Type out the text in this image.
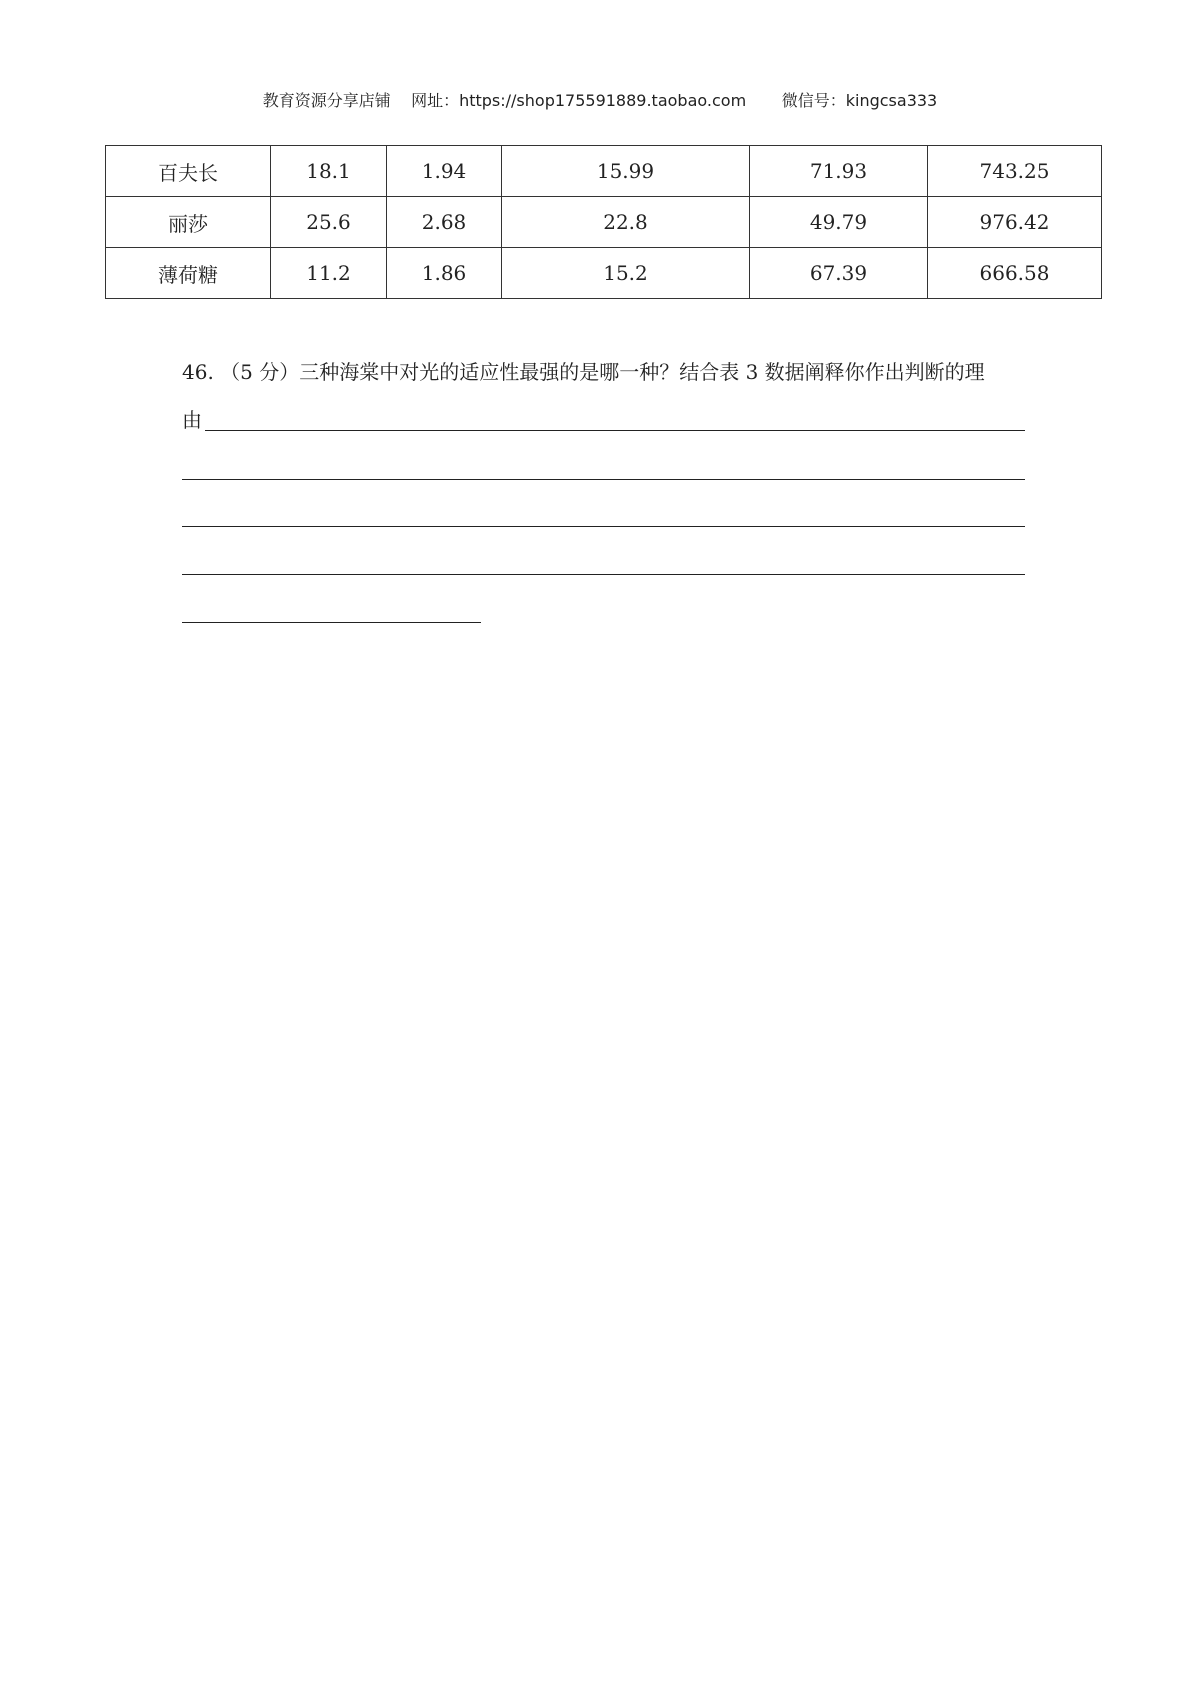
教育资源分享店铺    网址：https://shop175591889.taobao.com       微信号：kingcsa333
百夫长	18.1	1.94	15.99	71.93	743.25
丽莎	25.6	2.68	22.8	49.79	976.42
薄荷糖	11.2	1.86	15.2	67.39	666.58
46. （5 分）三种海棠中对光的适应性最强的是哪一种？结合表 3 数据阐释你作出判断的理
由
